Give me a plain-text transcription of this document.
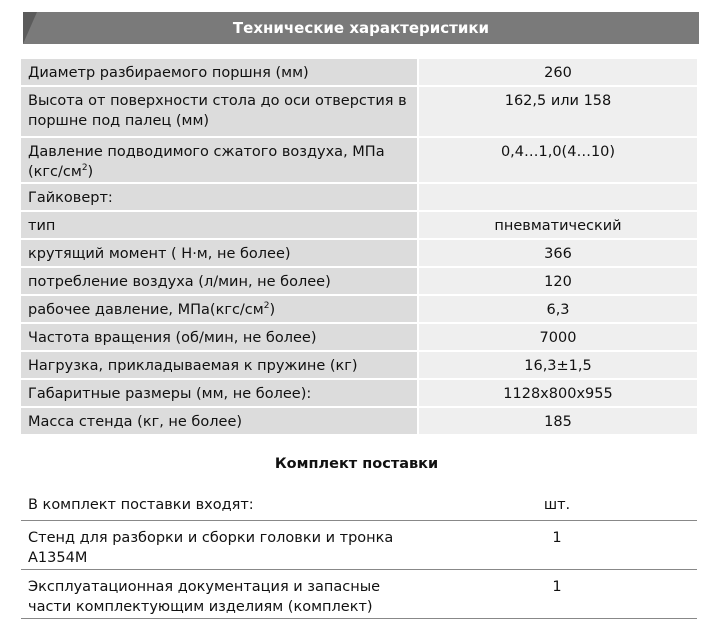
Технические характеристики
Диаметр разбираемого поршня (мм)	260

Высота от поверхности стола до оси отверстия в поршне под палец (мм)	162,5 или 158

Давление подводимого сжатого воздуха, МПа $(кгс/см^2)$	0,4…1,0(4…10)

Гайковерт:	

тип	пневматический

крутящий момент ( Н·м, не более)	366

потребление воздуха (л/мин, не более)	120

рабочее давление, $МПа(кгс/см^2)$	6,3

Частота вращения (об/мин, не более)	7000

Нагрузка, прикладываемая к пружине (кг)	16,3±1,5

Габаритные размеры (мм, не более):	1128x800x955

Масса стенда (кг, не более)	185
Комплект поставки
В комплект поставки входят:	шт.

Стенд для разборки и сборки головки и тронка А1354М	1

Эксплуатационная документация и запасные части комплектующим изделиям (комплект)	1
